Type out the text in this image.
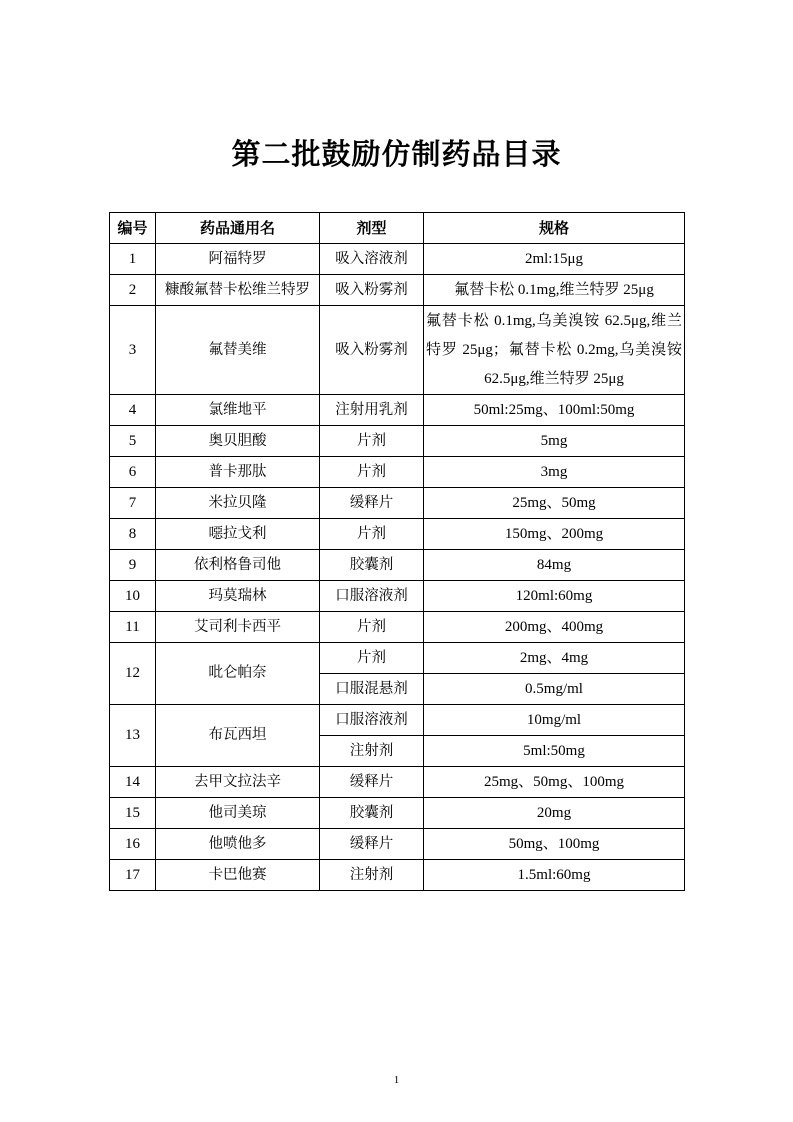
第二批鼓励仿制药品目录
编号	药品通用名	剂型	规格
1	阿福特罗	吸入溶液剂	2ml:15μg
2	糠酸氟替卡松维兰特罗	吸入粉雾剂	氟替卡松 0.1mg,维兰特罗 25μg
3	氟替美维	吸入粉雾剂	氟替卡松 0.1mg,乌美溴铵 62.5μg,维兰特罗 25μg；氟替卡松 0.2mg,乌美溴铵 62.5μg,维兰特罗 25μg
4	氯维地平	注射用乳剂	50ml:25mg、100ml:50mg
5	奥贝胆酸	片剂	5mg
6	普卡那肽	片剂	3mg
7	米拉贝隆	缓释片	25mg、50mg
8	噁拉戈利	片剂	150mg、200mg
9	依利格鲁司他	胶囊剂	84mg
10	玛莫瑞林	口服溶液剂	120ml:60mg
11	艾司利卡西平	片剂	200mg、400mg
12	吡仑帕奈	片剂	2mg、4mg
		口服混悬剂	0.5mg/ml
13	布瓦西坦	口服溶液剂	10mg/ml
		注射剂	5ml:50mg
14	去甲文拉法辛	缓释片	25mg、50mg、100mg
15	他司美琼	胶囊剂	20mg
16	他喷他多	缓释片	50mg、100mg
17	卡巴他赛	注射剂	1.5ml:60mg
1
